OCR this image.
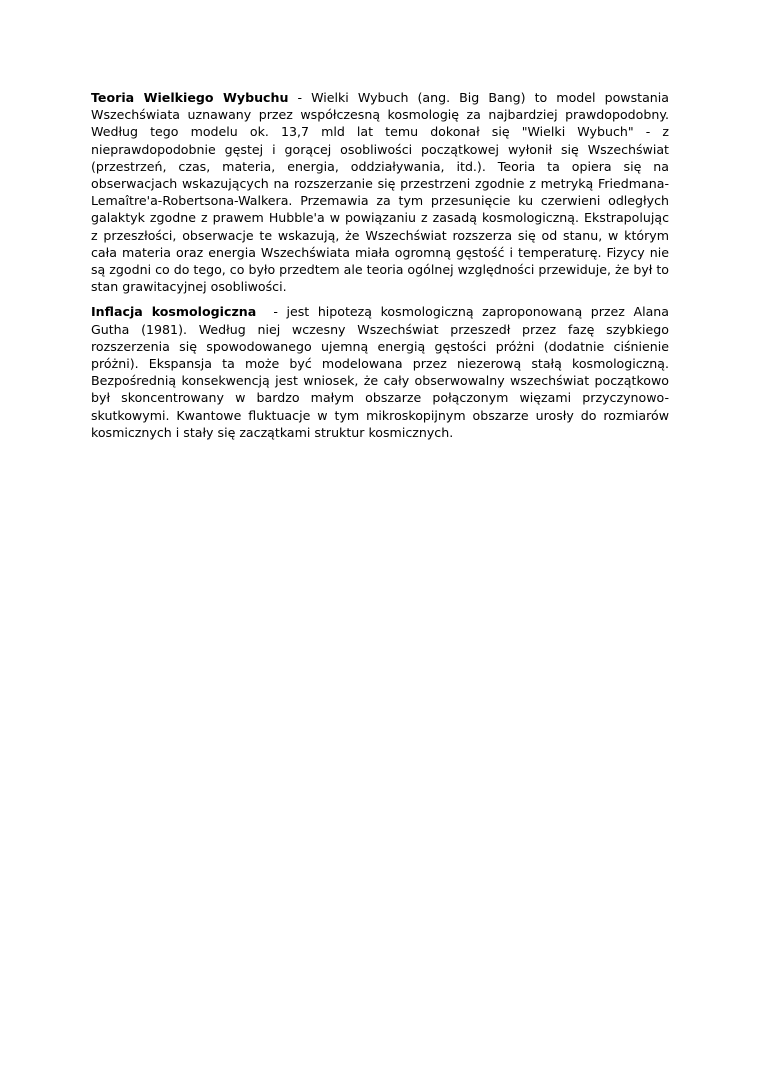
Teoria Wielkiego Wybuchu - Wielki Wybuch (ang. Big Bang) to model powstania Wszechświata uznawany przez współczesną kosmologię za najbardziej prawdopodobny. Według tego modelu ok. 13,7 mld lat temu dokonał się "Wielki Wybuch" - z nieprawdopodobnie gęstej i gorącej osobliwości początkowej wyłonił się Wszechświat (przestrzeń, czas, materia, energia, oddziaływania, itd.). Teoria ta opiera się na obserwacjach wskazujących na rozszerzanie się przestrzeni zgodnie z metryką Friedmana-Lemaître'a-Robertsona-Walkera. Przemawia za tym przesunięcie ku czerwieni odległych galaktyk zgodne z prawem Hubble'a w powiązaniu z zasadą kosmologiczną. Ekstrapolując z przeszłości, obserwacje te wskazują, że Wszechświat rozszerza się od stanu, w którym cała materia oraz energia Wszechświata miała ogromną gęstość i temperaturę. Fizycy nie są zgodni co do tego, co było przedtem ale teoria ogólnej względności przewiduje, że był to stan grawitacyjnej osobliwości.

Inflacja kosmologiczna  - jest hipotezą kosmologiczną zaproponowaną przez Alana Gutha (1981). Według niej wczesny Wszechświat przeszedł przez fazę szybkiego rozszerzenia się spowodowanego ujemną energią gęstości próżni (dodatnie ciśnienie próżni). Ekspansja ta może być modelowana przez niezerową stałą kosmologiczną. Bezpośrednią konsekwencją jest wniosek, że cały obserwowalny wszechświat początkowo był skoncentrowany w bardzo małym obszarze połączonym więzami przyczynowo-skutkowymi. Kwantowe fluktuacje w tym mikroskopijnym obszarze urosły do rozmiarów kosmicznych i stały się zaczątkami struktur kosmicznych.
